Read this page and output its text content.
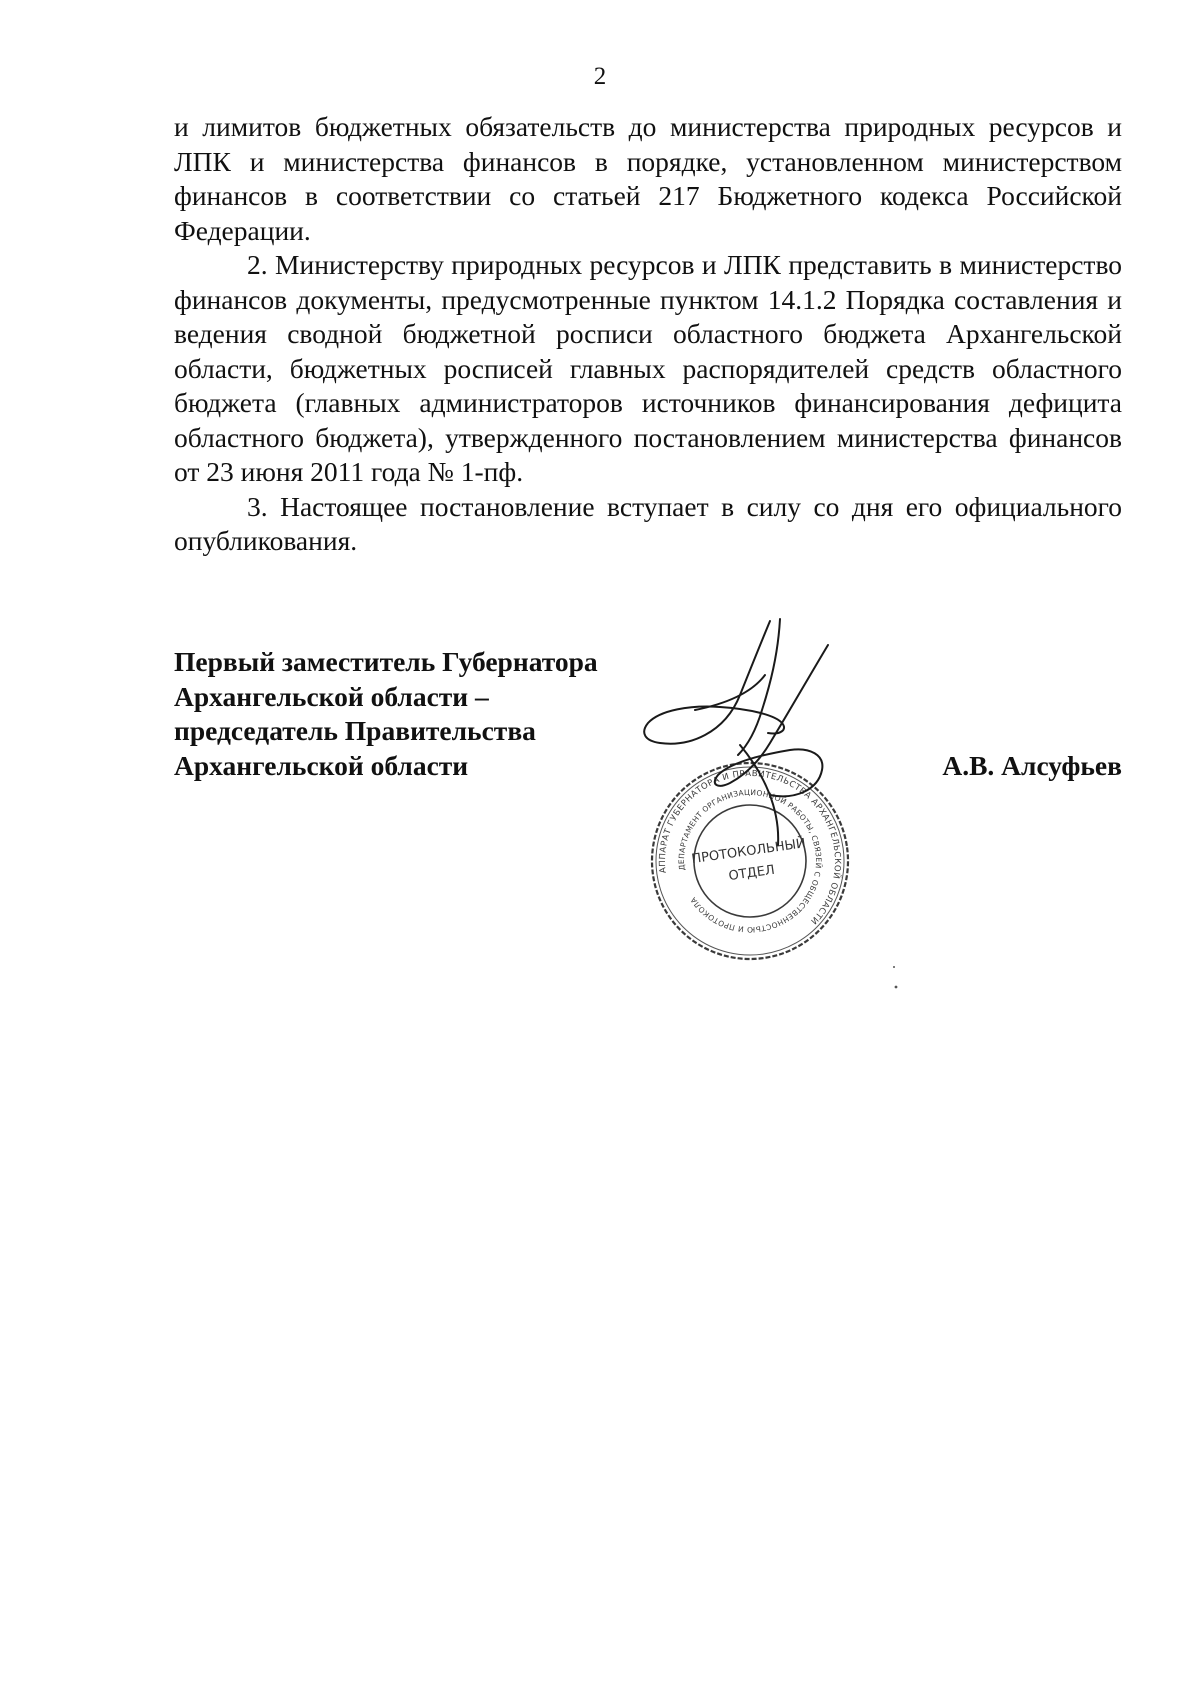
2

и лимитов бюджетных обязательств до министерства природных ресурсов и ЛПК и министерства финансов в порядке, установленном министерством финансов в соответствии со статьей 217 Бюджетного кодекса Российской Федерации.

2. Министерству природных ресурсов и ЛПК представить в министерство финансов документы, предусмотренные пунктом 14.1.2 Порядка составления и ведения сводной бюджетной росписи областного бюджета Архангельской области, бюджетных росписей главных распорядителей средств областного бюджета (главных администраторов источников финансирования дефицита областного бюджета), утвержденного постановлением министерства финансов от 23 июня 2011 года № 1-пф.

3. Настоящее постановление вступает в силу со дня его официального опубликования.

Первый заместитель Губернатора
Архангельской области –
председатель Правительства
Архангельской области	А.В. Алсуфьев
АППАРАТ ГУБЕРНАТОРА И ПРАВИТЕЛЬСТВА АРХАНГЕЛЬСКОЙ ОБЛАСТИ
ДЕПАРТАМЕНТ ОРГАНИЗАЦИОННОЙ РАБОТЫ, СВЯЗЕЙ С ОБЩЕСТВЕННОСТЬЮ И ПРОТОКОЛА
ПРОТОКОЛЬНЫЙ
ОТДЕЛ
